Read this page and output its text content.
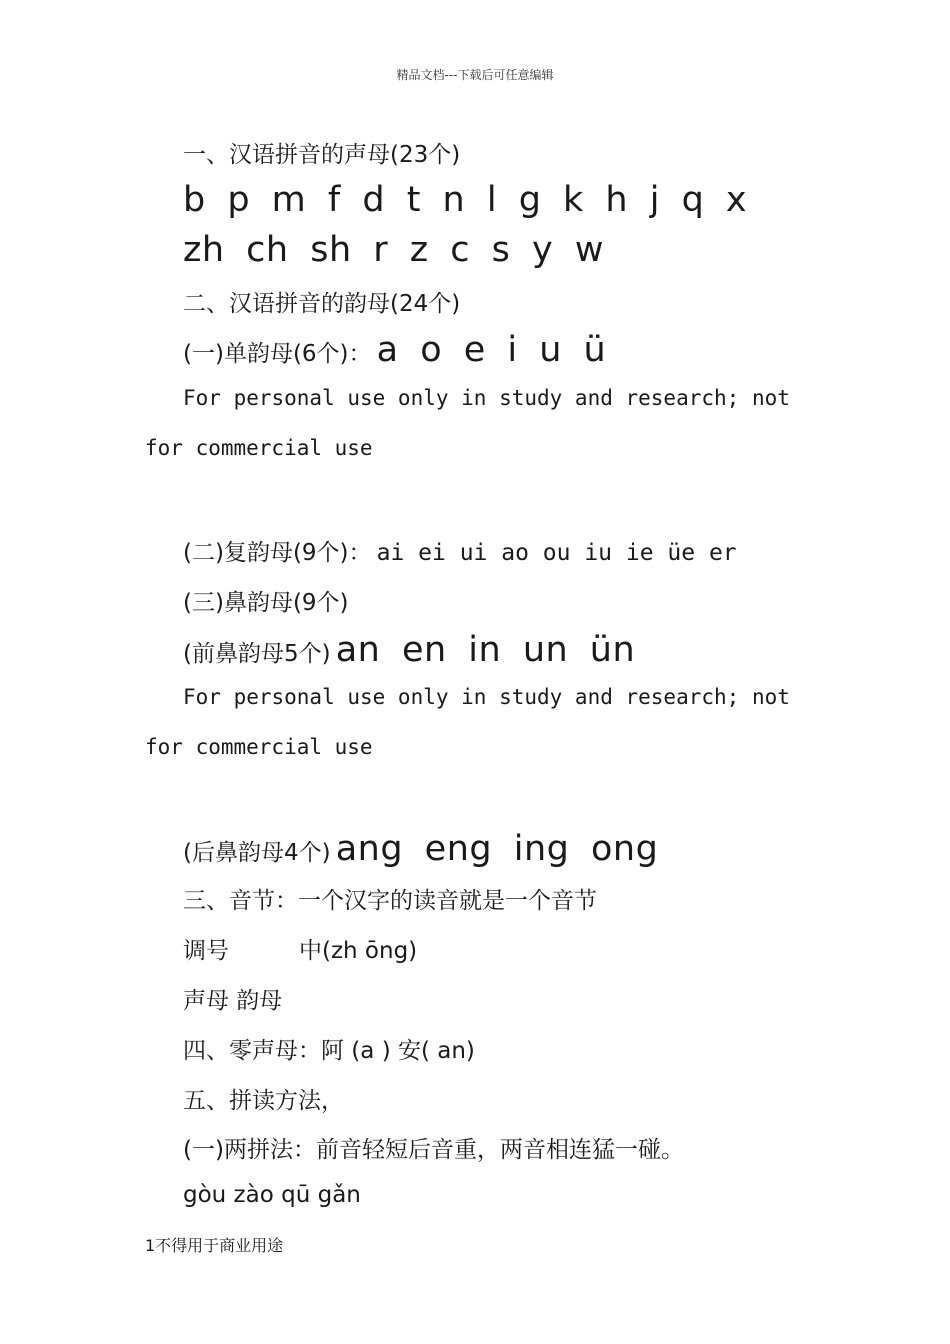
精品文档---下载后可任意编辑
一、汉语拼音的声母(23个)
b p m f d t n l g k h j q x
zh ch sh r z c s y w
二、汉语拼音的韵母(24个)
(一)单韵母(6个)： a o e i u ü
For personal use only in study and research; not
for commercial use
(二)复韵母(9个)： ai ei ui ao ou iu ie üe er
(三)鼻韵母(9个)
(前鼻韵母5个) an en in un ün
For personal use only in study and research; not
for commercial use
(后鼻韵母4个) ang eng ing ong
三、音节：一个汉字的读音就是一个音节
调号	中(zh ōng)
声母 韵母
四、零声母：阿 (a ) 安( an)
五、拼读方法，
(一)两拼法：前音轻短后音重，两音相连猛一碰。
gòu zào qū gǎn
1不得用于商业用途
